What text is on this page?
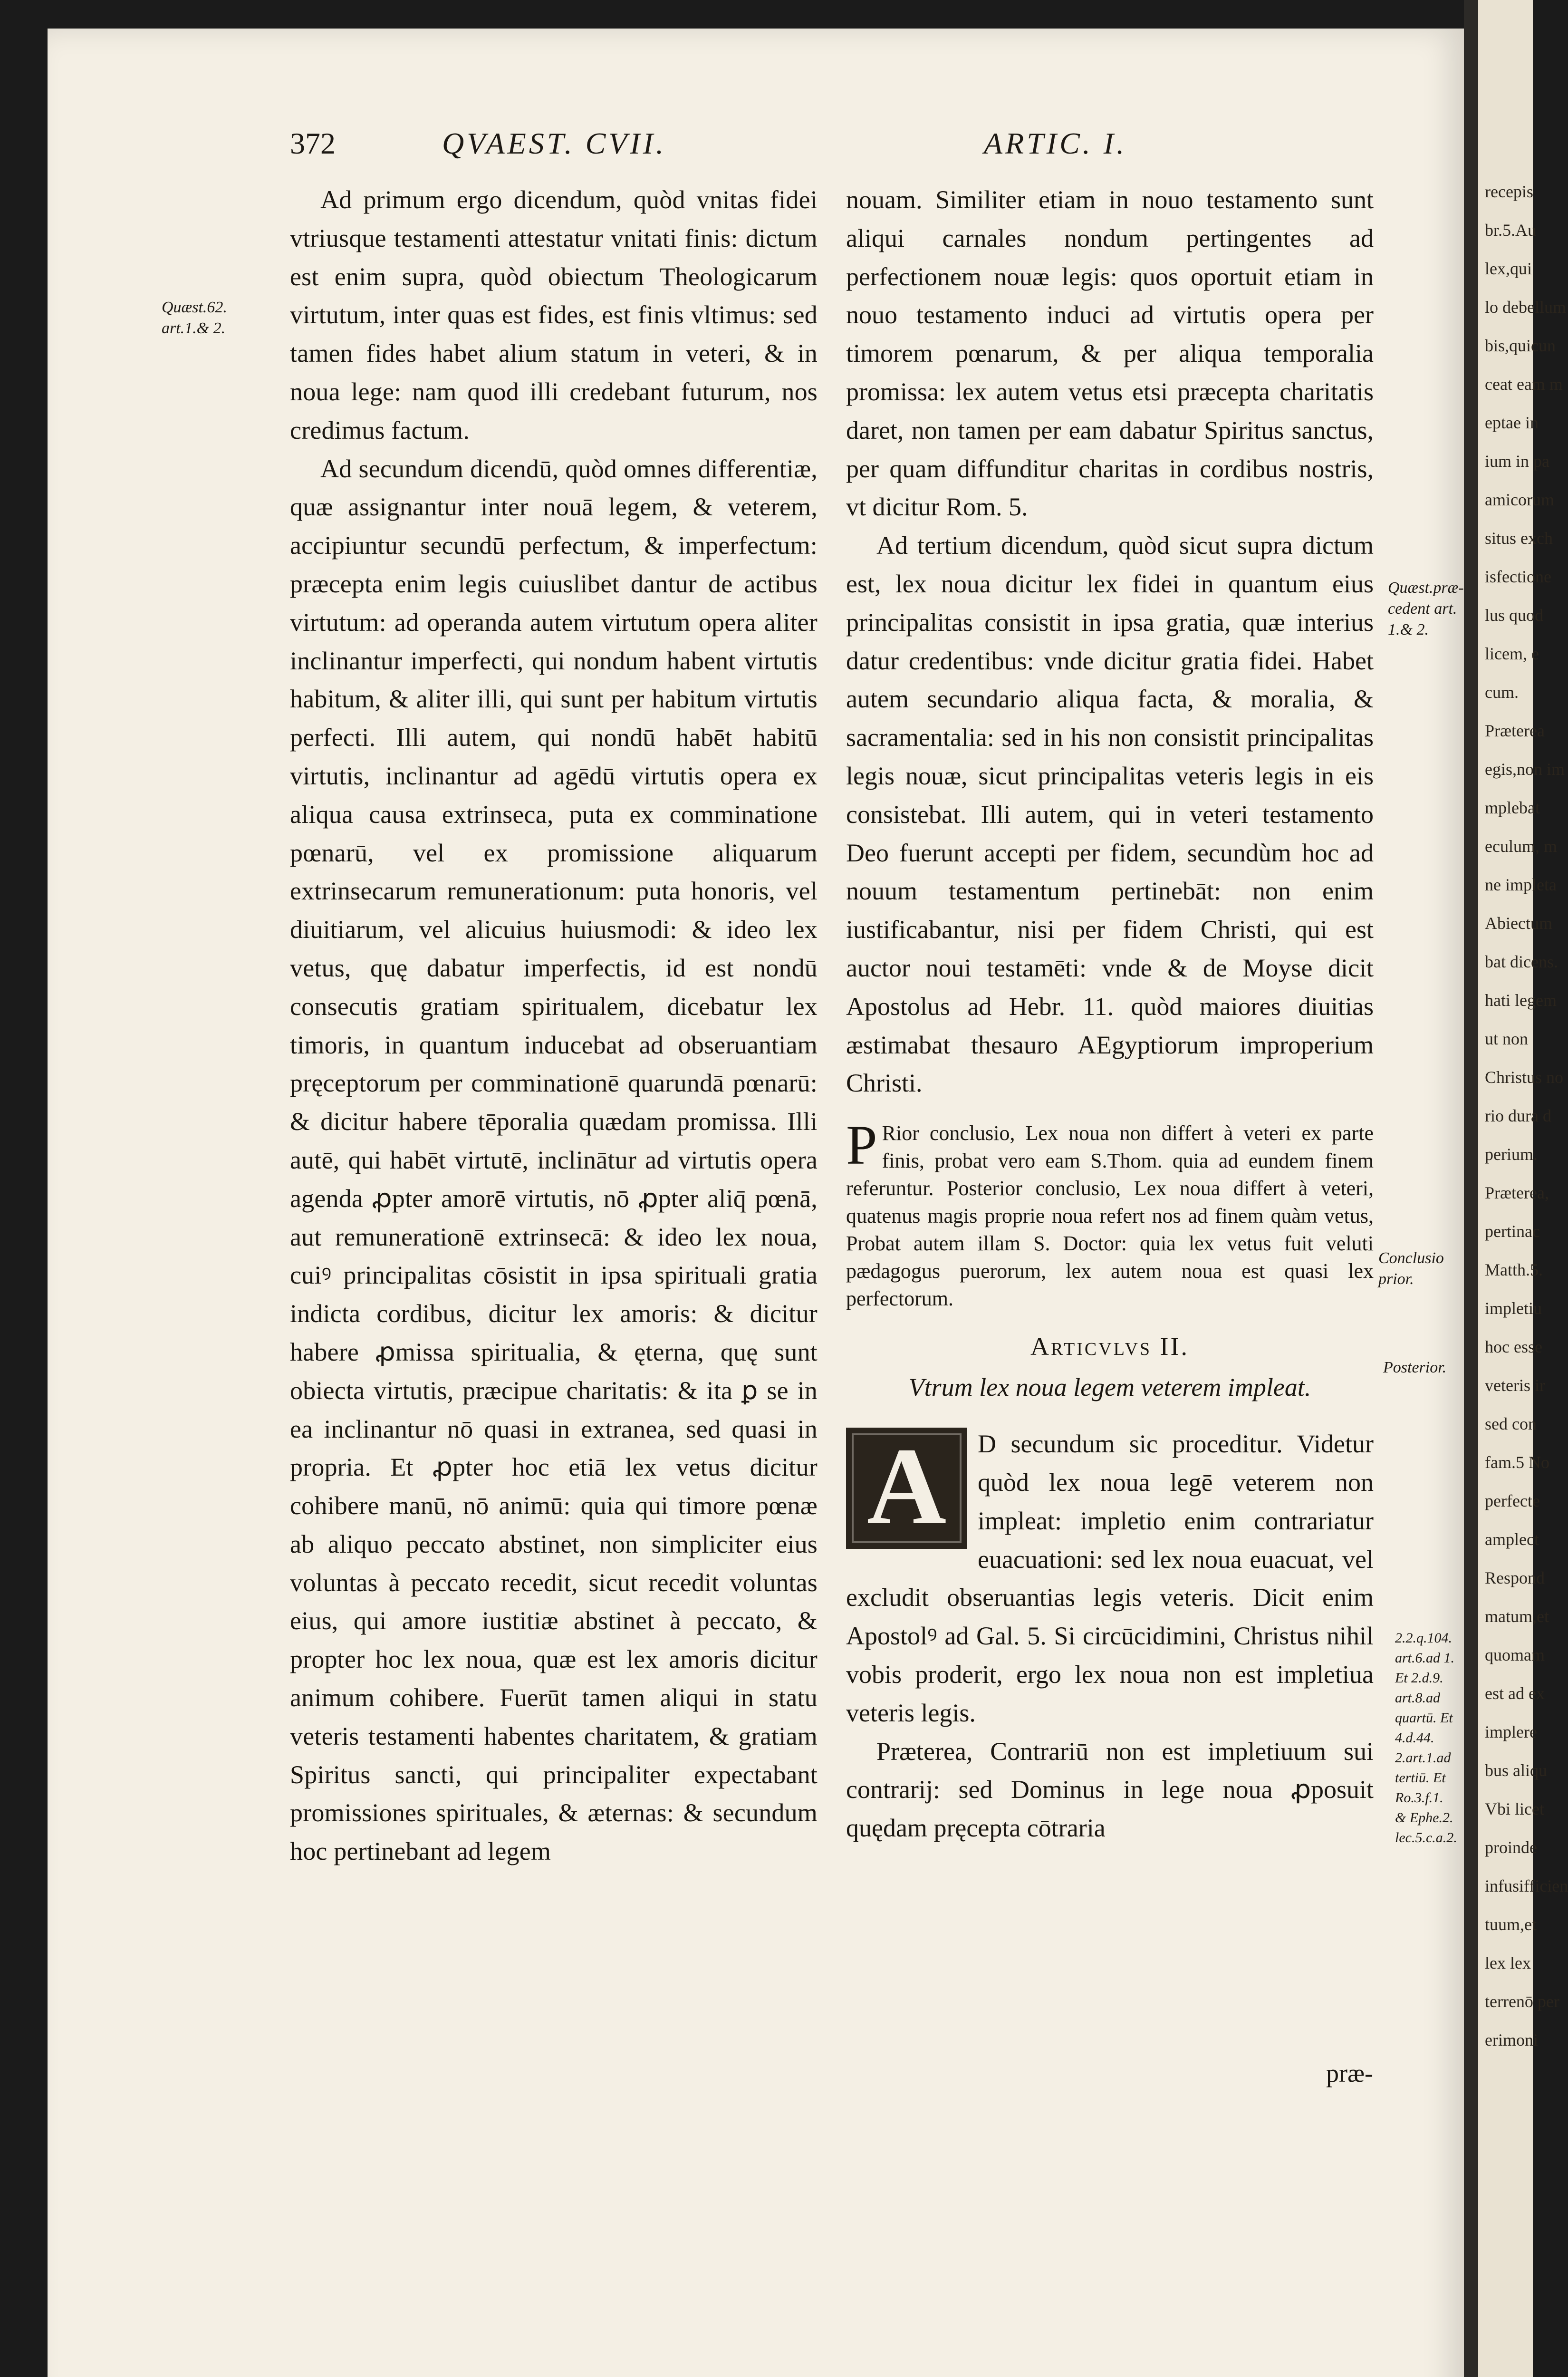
recepis
br.5.Au
lex,qui
lo debellum
bis,quicun
ceat eam m
eptae in
ium in pa
amicorum
situs exch
isfectione
lus quod
licem, e
cum.
Præterea
egis,non im
mplebat
eculum, m
ne impleta
Abiectum
bat dicens.
hati legem
ut non
Christus no
rio dura d
perium.
Præterea,
pertinac
Matth.5.
impletiu
hoc esse
veteris ir
sed con
fam.5 No
perfecte
amplect
Respond
matum,et
quomam
est ad ex
implere
bus aliqu
Vbi licet
proinde
infusifficien
tuum,et
lex lex
terrenō per
erimoni
372	QVAEST. CVII.	ARTIC. I.
Quæst.62.
art.1.& 2.
Quæst.præ-
cedent art.
1.& 2.
Conclusio
prior.
Posterior.
2.2.q.104.
art.6.ad 1.
Et 2.d.9.
art.8.ad
quartū. Et
4.d.44.
2.art.1.ad
tertiū. Et
Ro.3.f.1.
& Ephe.2.
lec.5.c.a.2.

Ad primum ergo dicendum, quòd vnitas fidei vtriusque testamenti attestatur vnitati finis: dictum est enim supra, quòd obiectum Theologicarum virtutum, inter quas est fides, est finis vltimus: sed tamen fides habet alium statum in veteri, & in noua lege: nam quod illi credebant futurum, nos credimus factum.

Ad secundum dicendū, quòd omnes differentiæ, quæ assignantur inter nouā legem, & veterem, accipiuntur secundū perfectum, & imperfectum: præcepta enim legis cuiuslibet dantur de actibus virtutum: ad operanda autem virtutum opera aliter inclinantur imperfecti, qui nondum habent virtutis habitum, & aliter illi, qui sunt per habitum virtutis perfecti. Illi autem, qui nondū habēt habitū virtutis, inclinantur ad agēdū virtutis opera ex aliqua causa extrinseca, puta ex comminatione pœnarū, vel ex promissione aliquarum extrinsecarum remunerationum: puta honoris, vel diuitiarum, vel alicuius huiusmodi: & ideo lex vetus, quę dabatur imperfectis, id est nondū consecutis gratiam spiritualem, dicebatur lex timoris, in quantum inducebat ad obseruantiam pręceptorum per comminationē quarundā pœnarū: & dicitur habere tēporalia quædam promissa. Illi autē, qui habēt virtutē, inclinātur ad virtutis opera agenda ꝓpter amorē virtutis, nō ꝓpter aliq̄ pœnā, aut remunerationē extrinsecā: & ideo lex noua, cuiꝰ principalitas cōsistit in ipsa spirituali gratia indicta cordibus, dicitur lex amoris: & dicitur habere ꝓmissa spiritualia, & ęterna, quę sunt obiecta virtutis, præcipue charitatis: & ita ꝑ se in ea inclinantur nō quasi in extranea, sed quasi in propria. Et ꝓpter hoc etiā lex vetus dicitur cohibere manū, nō animū: quia qui timore pœnæ ab aliquo peccato abstinet, non simpliciter eius voluntas à peccato recedit, sicut recedit voluntas eius, qui amore iustitiæ abstinet à peccato, & propter hoc lex noua, quæ est lex amoris dicitur animum cohibere. Fuerūt tamen aliqui in statu veteris testamenti habentes charitatem, & gratiam Spiritus sancti, qui principaliter expectabant promissiones spirituales, & æternas: & secundum hoc pertinebant ad legem

nouam. Similiter etiam in nouo testamento sunt aliqui carnales nondum pertingentes ad perfectionem nouæ legis: quos oportuit etiam in nouo testamento induci ad virtutis opera per timorem pœnarum, & per aliqua temporalia promissa: lex autem vetus etsi præcepta charitatis daret, non tamen per eam dabatur Spiritus sanctus, per quam diffunditur charitas in cordibus nostris, vt dicitur Rom. 5.

Ad tertium dicendum, quòd sicut supra dictum est, lex noua dicitur lex fidei in quantum eius principalitas consistit in ipsa gratia, quæ interius datur credentibus: vnde dicitur gratia fidei. Habet autem secundario aliqua facta, & moralia, & sacramentalia: sed in his non consistit principalitas legis nouæ, sicut principalitas veteris legis in eis consistebat. Illi autem, qui in veteri testamento Deo fuerunt accepti per fidem, secundùm hoc ad nouum testamentum pertinebāt: non enim iustificabantur, nisi per fidem Christi, qui est auctor noui testamēti: vnde & de Moyse dicit Apostolus ad Hebr. 11. quòd maiores diuitias æstimabat thesauro AEgyptiorum improperium Christi.

P Rior conclusio, Lex noua non differt à veteri ex parte finis, probat vero eam S.Thom. quia ad eundem finem referuntur. Posterior conclusio, Lex noua differt à veteri, quatenus magis proprie noua refert nos ad finem quàm vetus, Probat autem illam S. Doctor: quia lex vetus fuit veluti pædagogus puerorum, lex autem noua est quasi lex perfectorum.

Articvlvs II.
Vtrum lex noua legem veterem impleat.

A	D secundum sic proceditur. Videtur quòd lex noua legē veterem non impleat: impletio enim contrariatur euacuationi: sed lex noua euacuat, vel excludit obseruantias legis veteris. Dicit enim Apostolꝰ ad Gal. 5. Si circūcidimini, Christus nihil vobis proderit, ergo lex noua non est impletiua veteris legis.

Præterea, Contrariū non est impletiuum sui contrarij: sed Dominus in lege noua ꝓposuit quędam pręcepta cōtraria

præ-
